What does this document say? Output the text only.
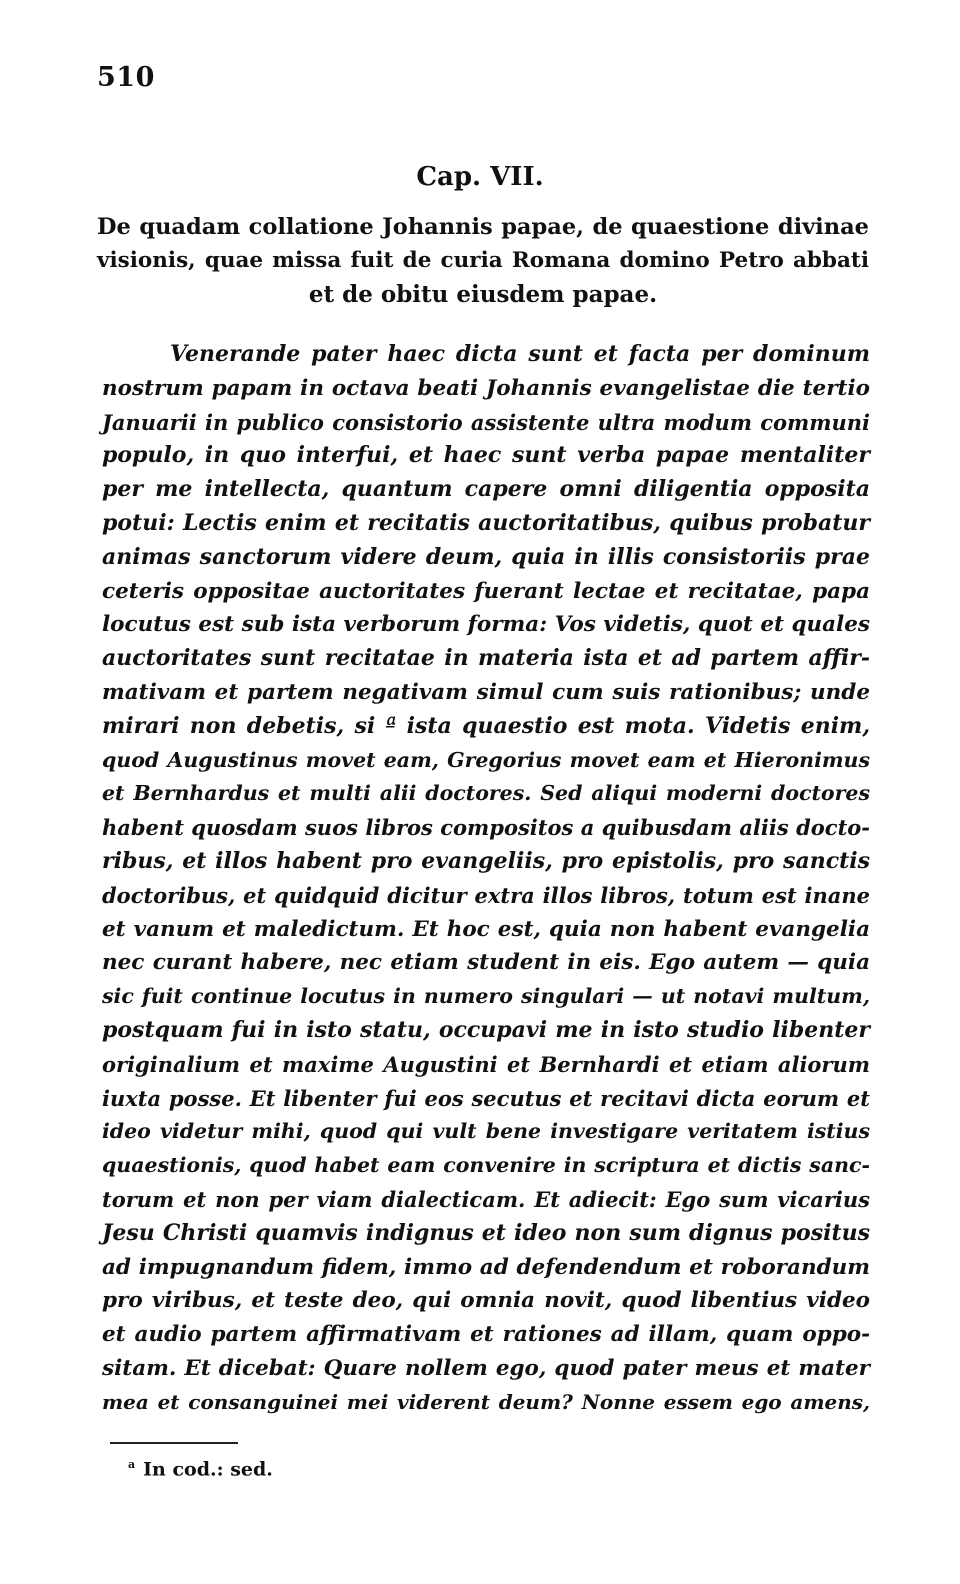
510
Cap. VII.
De quadam collatione Johannis papae, de quaestione divinae
visionis, quae missa fuit de curia Romana domino Petro abbati
et de obitu eiusdem papae.
Venerande pater haec dicta sunt et facta per dominum
nostrum papam in octava beati Johannis evangelistae die tertio
Januarii in publico consistorio assistente ultra modum communi
populo, in quo interfui, et haec sunt verba papae mentaliter
per me intellecta, quantum capere omni diligentia opposita
potui: Lectis enim et recitatis auctoritatibus, quibus probatur
animas sanctorum videre deum, quia in illis consistoriis prae
ceteris oppositae auctoritates fuerant lectae et recitatae, papa
locutus est sub ista verborum forma: Vos videtis, quot et quales
auctoritates sunt recitatae in materia ista et ad partem affir-
mativam et partem negativam simul cum suis rationibus; unde
mirari non debetis, si ª ista quaestio est mota. Videtis enim,
quod Augustinus movet eam, Gregorius movet eam et Hieronimus
et Bernhardus et multi alii doctores. Sed aliqui moderni doctores
habent quosdam suos libros compositos a quibusdam aliis docto-
ribus, et illos habent pro evangeliis, pro epistolis, pro sanctis
doctoribus, et quidquid dicitur extra illos libros, totum est inane
et vanum et maledictum. Et hoc est, quia non habent evangelia
nec curant habere, nec etiam student in eis. Ego autem — quia
sic fuit continue locutus in numero singulari — ut notavi multum,
postquam fui in isto statu, occupavi me in isto studio libenter
originalium et maxime Augustini et Bernhardi et etiam aliorum
iuxta posse. Et libenter fui eos secutus et recitavi dicta eorum et
ideo videtur mihi, quod qui vult bene investigare veritatem istius
quaestionis, quod habet eam convenire in scriptura et dictis sanc-
torum et non per viam dialecticam. Et adiecit: Ego sum vicarius
Jesu Christi quamvis indignus et ideo non sum dignus positus
ad impugnandum fidem, immo ad defendendum et roborandum
pro viribus, et teste deo, qui omnia novit, quod libentius video
et audio partem affirmativam et rationes ad illam, quam oppo-
sitam. Et dicebat: Quare nollem ego, quod pater meus et mater
mea et consanguinei mei viderent deum? Nonne essem ego amens,
$^a$ In cod.: sed.
